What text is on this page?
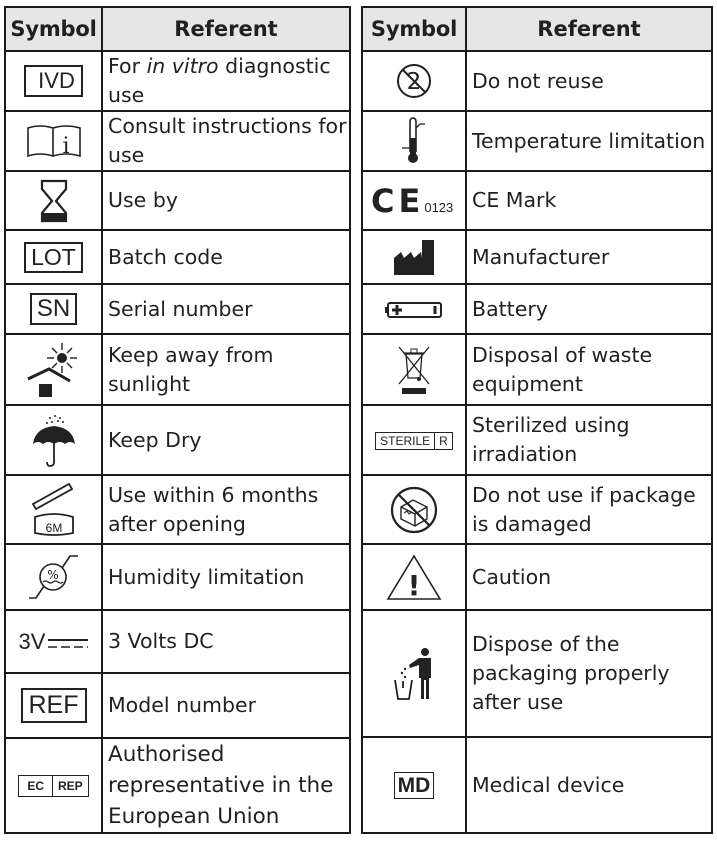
Symbol	Referent
IVD	For in vitro diagnostic use

i	Consult instructions for use
	Use by
LOT	Batch code
SN	Serial number
	Keep away from sunlight
	Keep Dry

6M	Use within 6 months after opening

%	Humidity limitation
3V	3 Volts DC
REF	Model number

EC REP	Authorised representative in the European Union
Symbol	Referent

2	Do not reuse
	Temperature limitation
CE0123	CE Mark
	Manufacturer
	Battery
	Disposal of waste equipment

STERILE R	Sterilized using irradiation
	Do not use if package is damaged

!	Caution
	Dispose of the packaging properly after use
MD	Medical device
